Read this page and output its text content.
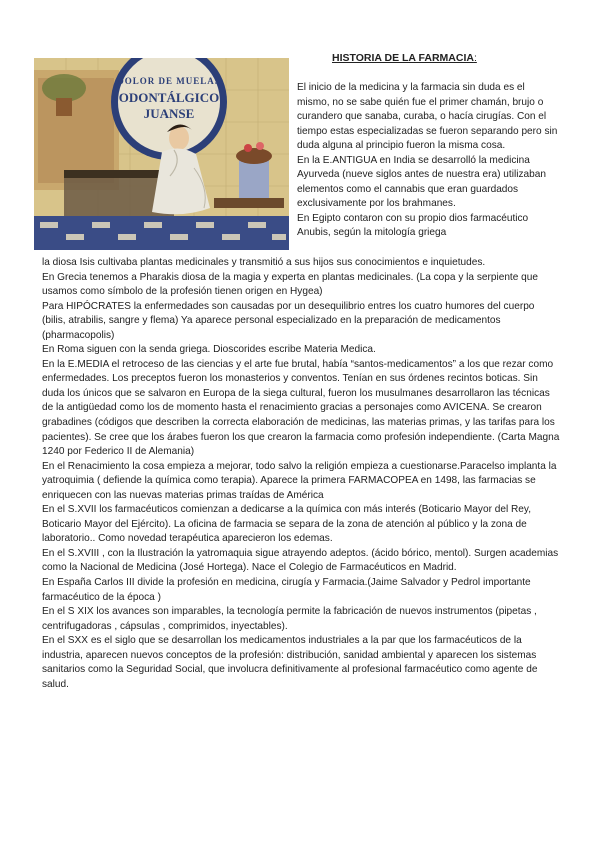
HISTORIA DE LA FARMACIA:
DOLOR DE MUELAS
ODONTÁLGICO
JUANSE

El inicio de la medicina y la farmacia sin duda es el mismo, no se sabe quién fue el primer chamán, brujo o curandero que sanaba, curaba, o hacía cirugías. Con el tiempo estas especializadas se fueron separando pero sin duda alguna al principio fueron la misma cosa.

En la E.ANTIGUA en India se desarrolló la medicina Ayurveda (nueve siglos antes de nuestra era) utilizaban elementos como el cannabis que eran guardados exclusivamente por los brahmanes.

En Egipto contaron con su propio dios farmacéutico Anubis, según la mitología griega

la diosa Isis cultivaba plantas medicinales y transmitió a sus hijos sus conocimientos e inquietudes.

En Grecia tenemos a Pharakis diosa de la magia y experta en plantas medicinales. (La copa y la serpiente que usamos como símbolo de la profesión tienen origen en Hygea)

Para HIPÓCRATES la enfermedades son causadas por un desequilibrio entres los cuatro humores del cuerpo (bilis, atrabilis, sangre y flema) Ya aparece personal especializado en la preparación de medicamentos (pharmacopolis)

En Roma siguen con la senda griega. Dioscorides escribe Materia Medica.

En la E.MEDIA el retroceso de las ciencias y el arte fue brutal, había “santos-medicamentos” a los que rezar como enfermedades. Los preceptos fueron los monasterios y conventos. Tenían en sus órdenes recintos boticas. Sin duda los únicos que se salvaron en Europa de la siega cultural, fueron los musulmanes desarrollaron las técnicas de la antigüedad como los de momento hasta el renacimiento gracias a personajes como AVICENA. Se crearon grabadines (códigos que describen la correcta elaboración de medicinas, las materias primas, y las tarifas para los pacientes). Se cree que los árabes fueron los que crearon la farmacia como profesión independiente. (Carta Magna 1240 por Federico II de Alemania)

En el Renacimiento la cosa empieza a mejorar, todo salvo la religión empieza a cuestionarse.Paracelso implanta la yatroquimia ( defiende la química como terapia). Aparece la primera FARMACOPEA en 1498, las farmacias se enriquecen con las nuevas materias primas traídas de América

En el S.XVII los farmacéuticos comienzan a dedicarse a la química con más interés (Boticario Mayor del Rey, Boticario Mayor del Ejército). La oficina de farmacia se separa de la zona de atención al público y la zona de laboratorio.. Como novedad terapéutica aparecieron los edemas.

En el S.XVIII , con la Ilustración la yatromaquia sigue atrayendo adeptos. (ácido bórico, mentol). Surgen academias como la Nacional de Medicina (José Hortega). Nace el Colegio de Farmacéuticos en Madrid.

En España Carlos III divide la profesión en medicina, cirugía y Farmacia.(Jaime Salvador y Pedrol importante farmacéutico de la época )

En el S XIX los avances son imparables, la tecnología permite la fabricación de nuevos instrumentos (pipetas , centrifugadoras , cápsulas , comprimidos, inyectables).

En el SXX es el siglo que se desarrollan los medicamentos industriales a la par que los farmacéuticos de la industria, aparecen nuevos conceptos de la profesión: distribución, sanidad ambiental y aparecen los sistemas sanitarios como la Seguridad Social, que involucra definitivamente al profesional farmacéutico como agente de salud.
